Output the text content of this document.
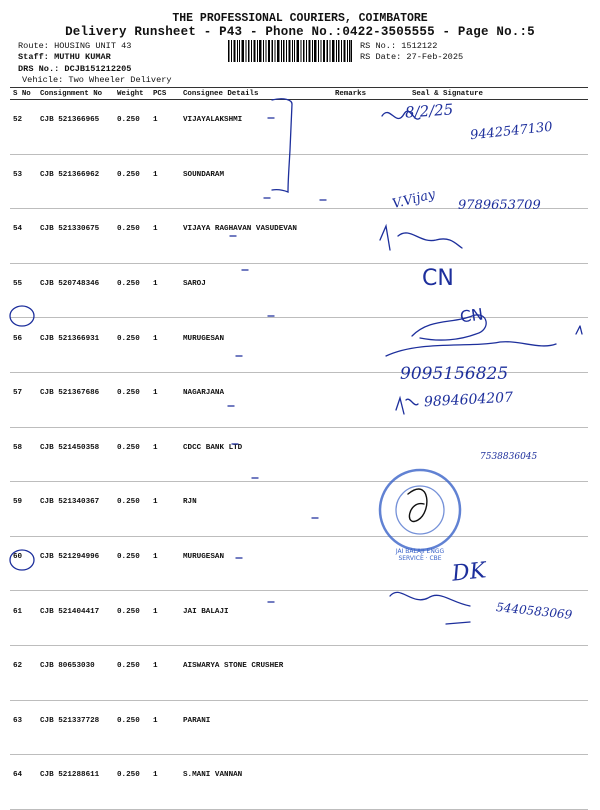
THE PROFESSIONAL COURIERS, COIMBATORE
Delivery Runsheet - P43 - Phone No.:0422-3505555 - Page No.:5
Route: HOUSING UNIT 43
Staff: MUTHU KUMAR
DRS No.: DCJB151212205
Vehicle: Two Wheeler Delivery
RS No.: 1512122
RS Date: 27-Feb-2025
S No	Consignment No	Weight	PCS	Consignee Details	Remarks	Seal & Signature
52	CJB 521366965	0.250	1	VIJAYALAKSHMI		
53	CJB 521366962	0.250	1	SOUNDARAM		
54	CJB 521330675	0.250	1	VIJAYA RAGHAVAN VASUDEVAN		
55	CJB 520748346	0.250	1	SAROJ		
56	CJB 521366931	0.250	1	MURUGESAN		
57	CJB 521367686	0.250	1	NAGARJANA		
58	CJB 521450358	0.250	1	CDCC BANK LTD		
59	CJB 521340367	0.250	1	RJN		
60	CJB 521294996	0.250	1	MURUGESAN		
61	CJB 521404417	0.250	1	JAI BALAJI		
62	CJB 80653030	0.250	1	AISWARYA STONE CRUSHER		
63	CJB 521337728	0.250	1	PARANI		
64	CJB 521288611	0.250	1	S.MANI VANNAN		
8/2/25
9442547130
V.Vijay 9789653709
CN
CN
9095156825
9894604207
7538836045
DK
5440583069
JAI BALAJI ENGG SERVICE · CBE
